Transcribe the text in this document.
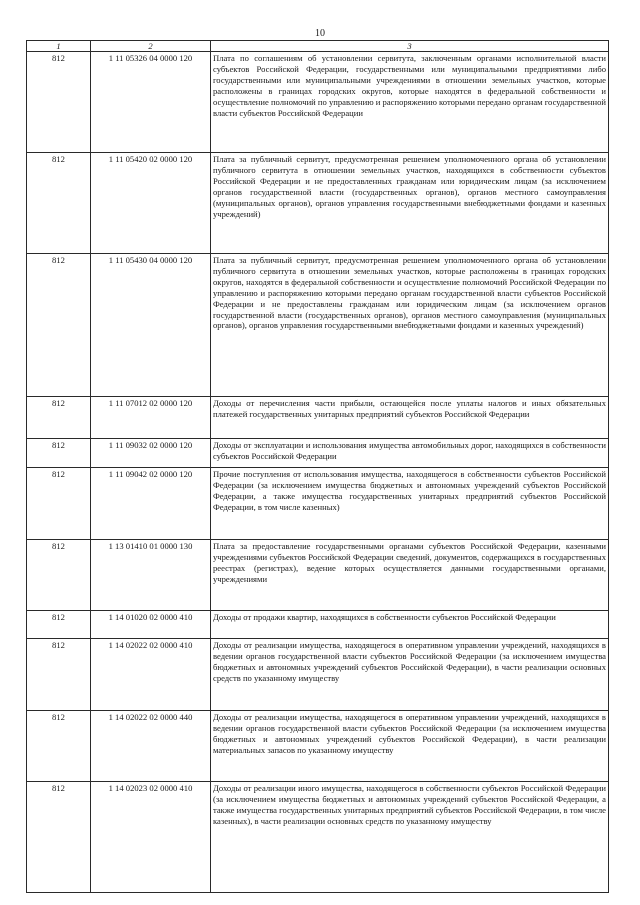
10
1	2	3
812	1 11 05326 04 0000 120	Плата по соглашениям об установлении сервитута, заключенным органами исполнительной власти субъектов Российской Федерации, государственными или муниципальными предприятиями либо государственными или муниципальными учреждениями в отношении земельных участков, которые расположены в границах городских округов, которые находятся в федеральной собственности и осуществление полномочий по управлению и распоряжению которыми передано органам государственной власти субъектов Российской Федерации
812	1 11 05420 02 0000 120	Плата за публичный сервитут, предусмотренная решением уполномоченного органа об установлении публичного сервитута в отношении земельных участков, находящихся в собственности субъектов Российской Федерации и не предоставленных гражданам или юридическим лицам (за исключением органов государственной власти (государственных органов), органов местного самоуправления (муниципальных органов), органов управления государственными внебюджетными фондами и казенных учреждений)
812	1 11 05430 04 0000 120	Плата за публичный сервитут, предусмотренная решением уполномоченного органа об установлении публичного сервитута в отношении земельных участков, которые расположены в границах городских округов, находятся в федеральной собственности и осуществление полномочий Российской Федерации по управлению и распоряжению которыми передано органам государственной власти субъектов Российской Федерации и не предоставлены гражданам или юридическим лицам (за исключением органов государственной власти (государственных органов), органов местного самоуправления (муниципальных органов), органов управления государственными внебюджетными фондами и казенных учреждений)
812	1 11 07012 02 0000 120	Доходы от перечисления части прибыли, остающейся после уплаты налогов и иных обязательных платежей государственных унитарных предприятий субъектов Российской Федерации
812	1 11 09032 02 0000 120	Доходы от эксплуатации и использования имущества автомобильных дорог, находящихся в собственности субъектов Российской Федерации
812	1 11 09042 02 0000 120	Прочие поступления от использования имущества, находящегося в собственности субъектов Российской Федерации (за исключением имущества бюджетных и автономных учреждений субъектов Российской Федерации, а также имущества государственных унитарных предприятий субъектов Российской Федерации, в том числе казенных)
812	1 13 01410 01 0000 130	Плата за предоставление государственными органами субъектов Российской Федерации, казенными учреждениями субъектов Российской Федерации сведений, документов, содержащихся в государственных реестрах (регистрах), ведение которых осуществляется данными государственными органами, учреждениями
812	1 14 01020 02 0000 410	Доходы от продажи квартир, находящихся в собственности субъектов Российской Федерации
812	1 14 02022 02 0000 410	Доходы от реализации имущества, находящегося в оперативном управлении учреждений, находящихся в ведении органов государственной власти субъектов Российской Федерации (за исключением имущества бюджетных и автономных учреждений субъектов Российской Федерации), в части реализации основных средств по указанному имуществу
812	1 14 02022 02 0000 440	Доходы от реализации имущества, находящегося в оперативном управлении учреждений, находящихся в ведении органов государственной власти субъектов Российской Федерации (за исключением имущества бюджетных и автономных учреждений субъектов Российской Федерации), в части реализации материальных запасов по указанному имуществу
812	1 14 02023 02 0000 410	Доходы от реализации иного имущества, находящегося в собственности субъектов Российской Федерации (за исключением имущества бюджетных и автономных учреждений субъектов Российской Федерации, а также имущества государственных унитарных предприятий субъектов Российской Федерации, в том числе казенных), в части реализации основных средств по указанному имуществу
